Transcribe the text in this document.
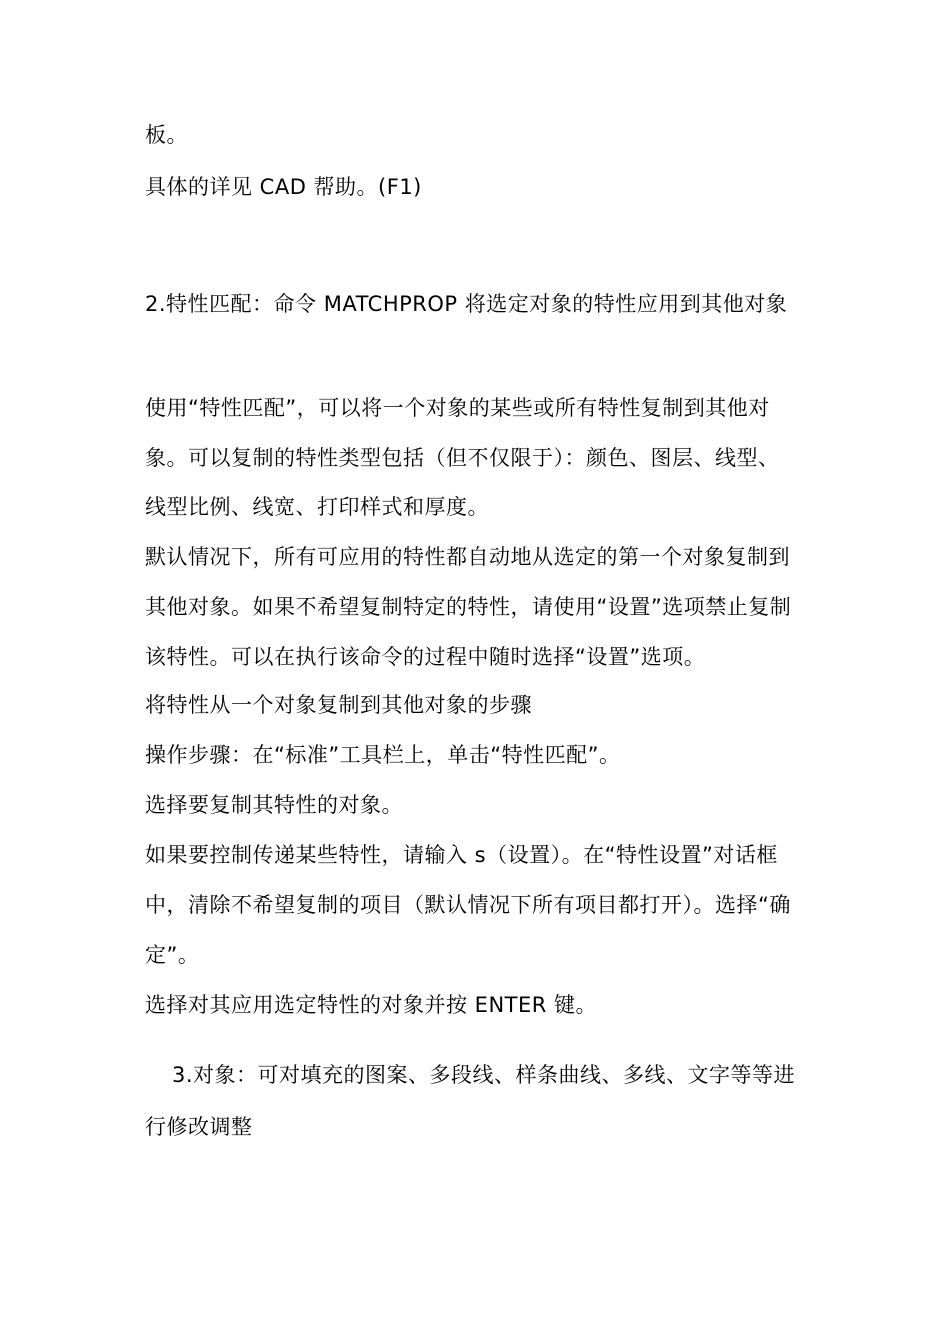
板。
具体的详见 CAD 帮助。(F1)
2.特性匹配：命令 MATCHPROP 将选定对象的特性应用到其他对象
使用“特性匹配”，可以将一个对象的某些或所有特性复制到其他对
象。可以复制的特性类型包括（但不仅限于）：颜色、图层、线型、
线型比例、线宽、打印样式和厚度。
默认情况下，所有可应用的特性都自动地从选定的第一个对象复制到
其他对象。如果不希望复制特定的特性，请使用“设置”选项禁止复制
该特性。可以在执行该命令的过程中随时选择“设置”选项。
将特性从一个对象复制到其他对象的步骤
操作步骤：在“标准”工具栏上，单击“特性匹配”。
选择要复制其特性的对象。
如果要控制传递某些特性，请输入 s（设置）。在“特性设置”对话框
中，清除不希望复制的项目（默认情况下所有项目都打开）。选择“确
定”。
选择对其应用选定特性的对象并按 ENTER 键。
3.对象：可对填充的图案、多段线、样条曲线、多线、文字等等进
行修改调整
